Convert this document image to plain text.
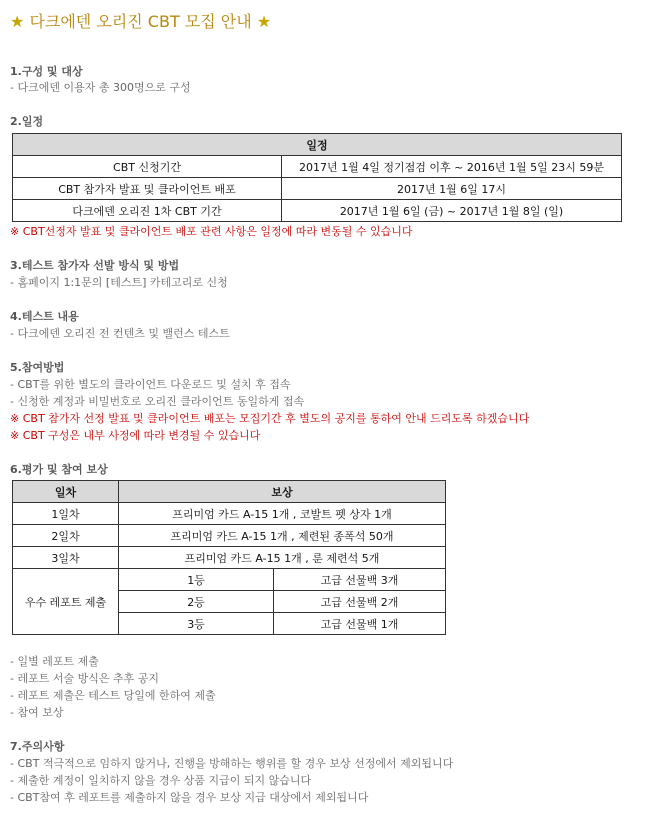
★ 다크에덴 오리진 CBT 모집 안내 ★

1.구성 및 대상

- 다크에덴 이용자 총 300명으로 구성

2.일정

일정	
CBT 신청기간	2017년 1월 4일 정기점검 이후 ~ 2016년 1월 5일 23시 59분
CBT 참가자 발표 및 클라이언트 배포	2017년 1월 6일 17시
다크에덴 오리진 1차 CBT 기간	2017년 1월 6일 (금) ~ 2017년 1월 8일 (일)

※ CBT선정자 발표 및 클라이언트 배포 관련 사항은 일정에 따라 변동될 수 있습니다

3.테스트 참가자 선발 방식 및 방법

- 홈페이지 1:1문의 [테스트] 카테고리로 신청

4.테스트 내용

- 다크에덴 오리진 전 컨텐츠 및 밸런스 테스트

5.참여방법

- CBT를 위한 별도의 클라이언트 다운로드 및 설치 후 접속

- 신청한 계정과 비밀번호로 오리진 클라이언트 동일하게 접속

※ CBT 참가자 선정 발표 및 클라이언트 배포는 모집기간 후 별도의 공지를 통하여 안내 드리도록 하겠습니다

※ CBT 구성은 내부 사정에 따라 변경될 수 있습니다

6.평가 및 참여 보상

일차	보상	
1일차	프리미엄 카드 A-15 1개 , 코발트 펫 상자 1개	
2일차	프리미엄 카드 A-15 1개 , 제련된 종폭석 50개	
3일차	프리미엄 카드 A-15 1개 , 룬 제련석 5개	
우수 레포트 제출	1등	고급 선물백 3개
	2등	고급 선물백 2개
	3등	고급 선물백 1개

- 일별 레포트 제출

- 레포트 서술 방식은 추후 공지

- 레포트 제출은 테스트 당일에 한하여 제출

- 참여 보상

7.주의사항

- CBT 적극적으로 임하지 않거나, 진행을 방해하는 행위를 할 경우 보상 선정에서 제외됩니다

- 제출한 계정이 일치하지 않을 경우 상품 지급이 되지 않습니다

- CBT참여 후 레포트를 제출하지 않을 경우 보상 지급 대상에서 제외됩니다
